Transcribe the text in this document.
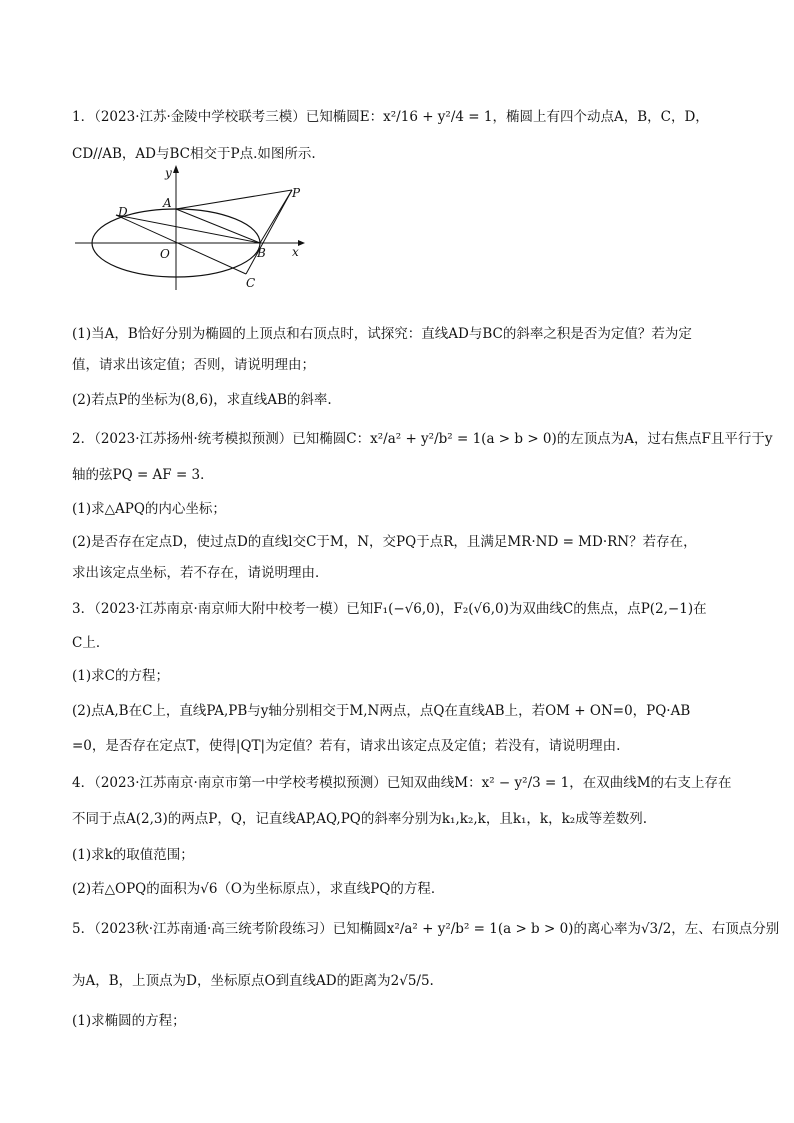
1．（2023·江苏·金陵中学校联考三模）已知椭圆E：x²/16 + y²/4 = 1，椭圆上有四个动点A，B，C，D，
CD//AB，AD与BC相交于P点.如图所示.
y
x
O
A
B
C
D
P
(1)当A，B恰好分别为椭圆的上顶点和右顶点时，试探究：直线AD与BC的斜率之积是否为定值？若为定
值，请求出该定值；否则，请说明理由；
(2)若点P的坐标为(8,6)，求直线AB的斜率.
2．（2023·江苏扬州·统考模拟预测）已知椭圆C：x²/a² + y²/b² = 1(a > b > 0)的左顶点为A，过右焦点F且平行于y
轴的弦PQ = AF = 3．
(1)求△APQ的内心坐标；
(2)是否存在定点D，使过点D的直线l交C于M，N，交PQ于点R，且满足MR·ND = MD·RN？若存在，
求出该定点坐标，若不存在，请说明理由．
3．（2023·江苏南京·南京师大附中校考一模）已知F₁(−√6,0)，F₂(√6,0)为双曲线C的焦点，点P(2,−1)在
C上．
(1)求C的方程；
(2)点A,B在C上，直线PA,PB与y轴分别相交于M,N两点，点Q在直线AB上，若OM + ON=0，PQ·AB
=0，是否存在定点T，使得|QT|为定值？若有，请求出该定点及定值；若没有，请说明理由.
4．（2023·江苏南京·南京市第一中学校考模拟预测）已知双曲线M：x² − y²/3 = 1，在双曲线M的右支上存在
不同于点A(2,3)的两点P，Q，记直线AP,AQ,PQ的斜率分别为k₁,k₂,k，且k₁，k，k₂成等差数列.
(1)求k的取值范围；
(2)若△OPQ的面积为√6（O为坐标原点），求直线PQ的方程．
5．（2023秋·江苏南通·高三统考阶段练习）已知椭圆x²/a² + y²/b² = 1(a > b > 0)的离心率为√3/2，左、右顶点分别
为A，B，上顶点为D，坐标原点O到直线AD的距离为2√5/5.
(1)求椭圆的方程；
